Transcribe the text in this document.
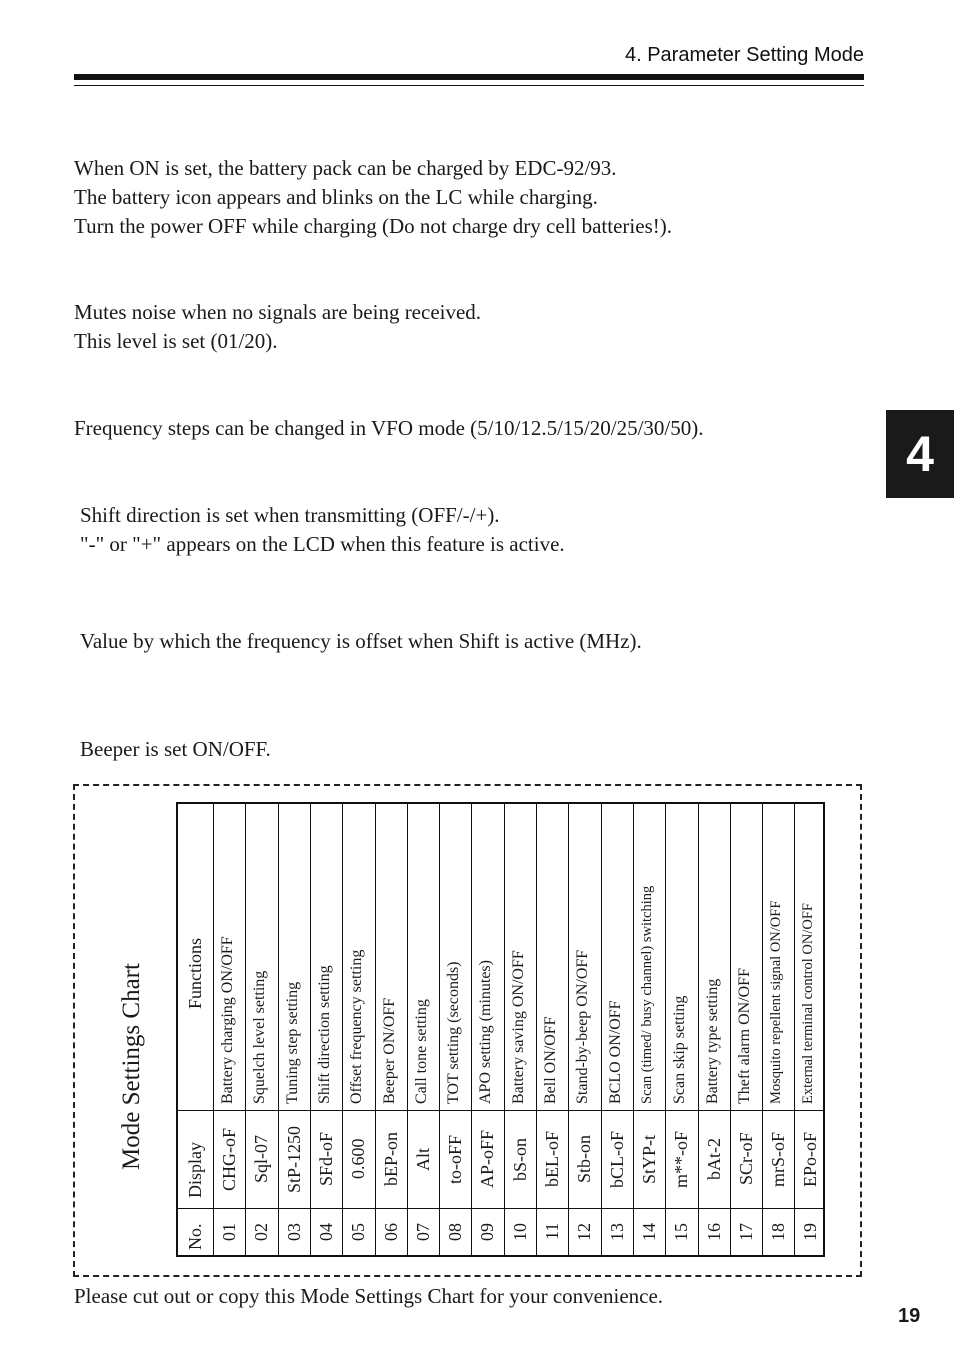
4. Parameter Setting Mode
4
When ON is set, the battery pack can be charged by EDC-92/93.
The battery icon appears and blinks on the LC while charging.
Turn the power OFF while charging (Do not charge dry cell batteries!).
Mutes noise when no signals are being received.
This level is set (01/20).
Frequency steps can be changed in VFO mode (5/10/12.5/15/20/25/30/50).
Shift direction is set when transmitting (OFF/-/+).
"-" or "+" appears on the LCD when this feature is active.
Value by which the frequency is offset when Shift is active (MHz).
Beeper is set ON/OFF.
Mode Settings Chart Functions
Display
No.
Battery charging ON/OFF
CHG-oF
01
Squelch level setting
Sql-07
02
Tuning step setting
StP-1250
03
Shift direction setting
SFd-oF
04
Offset frequency setting
0.600
05
Beeper ON/OFF
bEP-on
06
Call tone setting
Alt
07
TOT setting (seconds)
to-oFF
08
APO setting (minutes)
AP-oFF
09
Battery saving ON/OFF
bS-on
10
Bell ON/OFF
bEL-oF
11
Stand-by-beep ON/OFF
Stb-on
12
BCLO ON/OFF
bCL-oF
13
Scan (timed/ busy channel) switching
StYP-t
14
Scan skip setting
m**-oF
15
Battery type setting
bAt-2
16
Theft alarm ON/OFF
SCr-oF
17
Mosquito repellent signal ON/OFF
mrS-oF
18
External terminal control ON/OFF
EPo-oF
19
Please cut out or copy this Mode Settings Chart for your convenience.
19
